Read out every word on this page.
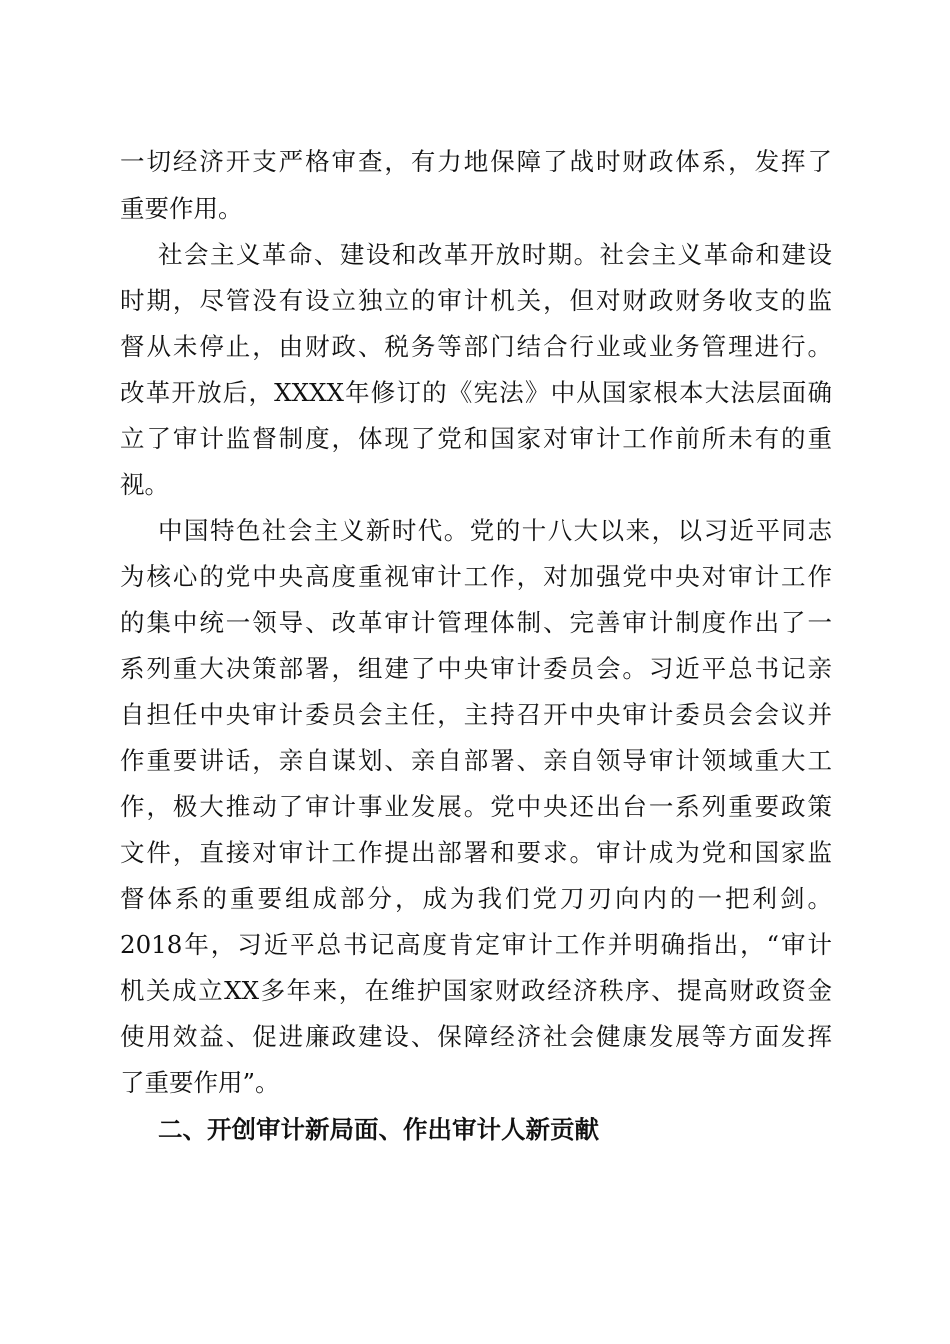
一切经济开支严格审查，有力地保障了战时财政体系，发挥了
重要作用。
社会主义革命、建设和改革开放时期。社会主义革命和建设
时期，尽管没有设立独立的审计机关，但对财政财务收支的监
督从未停止，由财政、税务等部门结合行业或业务管理进行。
改革开放后，XXXX年修订的《宪法》中从国家根本大法层面确
立了审计监督制度，体现了党和国家对审计工作前所未有的重
视。
中国特色社会主义新时代。党的十八大以来，以习近平同志
为核心的党中央高度重视审计工作，对加强党中央对审计工作
的集中统一领导、改革审计管理体制、完善审计制度作出了一
系列重大决策部署，组建了中央审计委员会。习近平总书记亲
自担任中央审计委员会主任，主持召开中央审计委员会会议并
作重要讲话，亲自谋划、亲自部署、亲自领导审计领域重大工
作，极大推动了审计事业发展。党中央还出台一系列重要政策
文件，直接对审计工作提出部署和要求。审计成为党和国家监
督体系的重要组成部分，成为我们党刀刃向内的一把利剑。
2018年，习近平总书记高度肯定审计工作并明确指出，“审计
机关成立XX多年来，在维护国家财政经济秩序、提高财政资金
使用效益、促进廉政建设、保障经济社会健康发展等方面发挥
了重要作用”。
二、开创审计新局面、作出审计人新贡献
